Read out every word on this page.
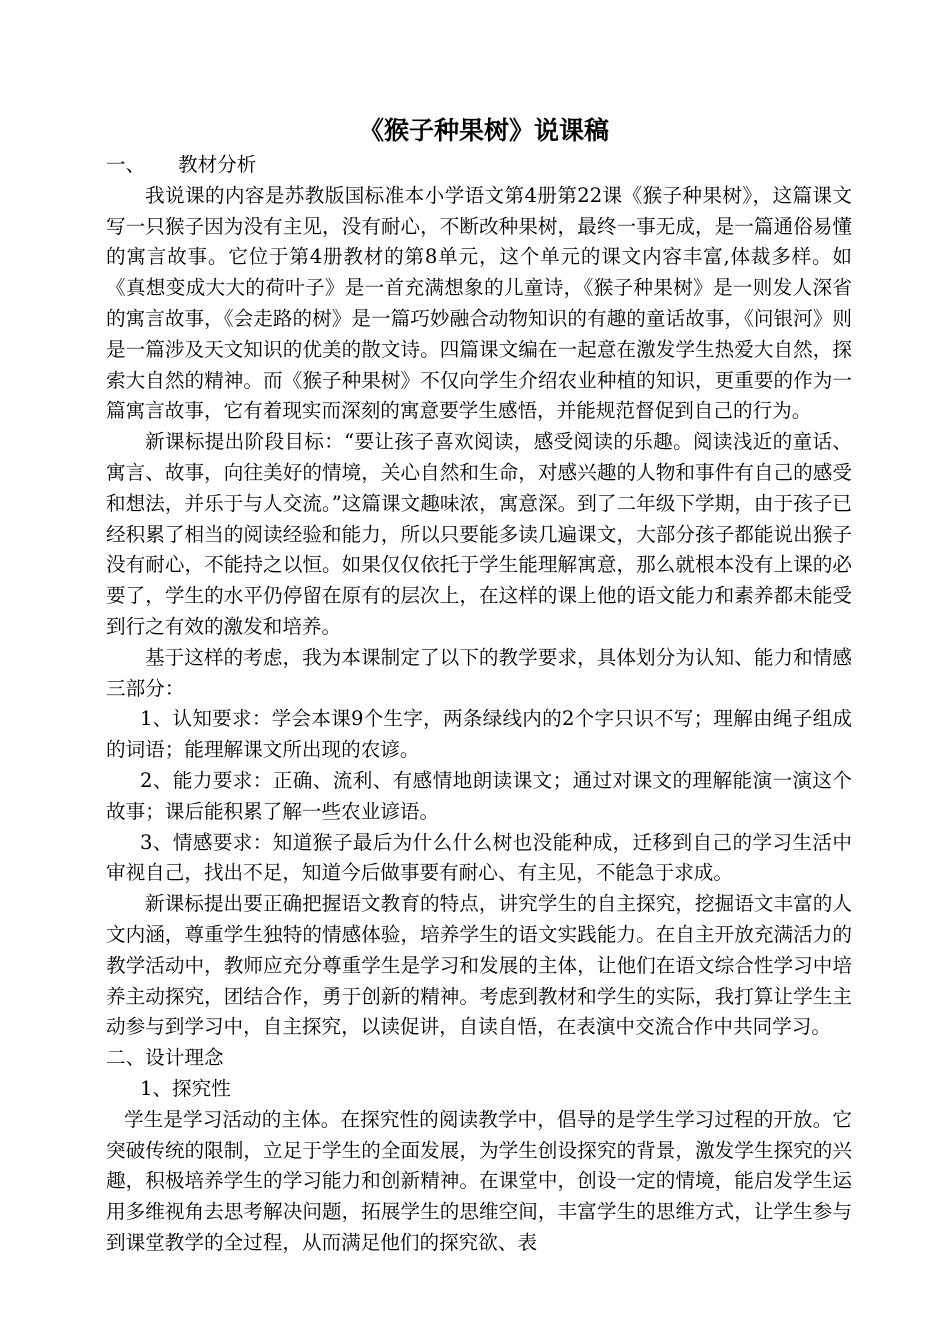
《猴子种果树》说课稿
一、	教材分析

我说课的内容是苏教版国标准本小学语文第4册第22课《猴子种果树》，这篇课文写一只猴子因为没有主见，没有耐心，不断改种果树，最终一事无成，是一篇通俗易懂的寓言故事。它位于第4册教材的第8单元，这个单元的课文内容丰富,体裁多样。如《真想变成大大的荷叶子》是一首充满想象的儿童诗，《猴子种果树》是一则发人深省的寓言故事，《会走路的树》是一篇巧妙融合动物知识的有趣的童话故事，《问银河》则是一篇涉及天文知识的优美的散文诗。四篇课文编在一起意在激发学生热爱大自然，探索大自然的精神。而《猴子种果树》不仅向学生介绍农业种植的知识，更重要的作为一篇寓言故事，它有着现实而深刻的寓意要学生感悟，并能规范督促到自己的行为。

新课标提出阶段目标：“要让孩子喜欢阅读，感受阅读的乐趣。阅读浅近的童话、寓言、故事，向往美好的情境，关心自然和生命，对感兴趣的人物和事件有自己的感受和想法，并乐于与人交流。”这篇课文趣味浓，寓意深。到了二年级下学期，由于孩子已经积累了相当的阅读经验和能力，所以只要能多读几遍课文，大部分孩子都能说出猴子没有耐心，不能持之以恒。如果仅仅依托于学生能理解寓意，那么就根本没有上课的必要了，学生的水平仍停留在原有的层次上，在这样的课上他的语文能力和素养都未能受到行之有效的激发和培养。

基于这样的考虑，我为本课制定了以下的教学要求，具体划分为认知、能力和情感三部分：

1、认知要求：学会本课9个生字，两条绿线内的2个字只识不写；理解由绳子组成的词语；能理解课文所出现的农谚。

2、能力要求：正确、流利、有感情地朗读课文；通过对课文的理解能演一演这个故事；课后能积累了解一些农业谚语。

3、情感要求：知道猴子最后为什么什么树也没能种成，迁移到自己的学习生活中审视自己，找出不足，知道今后做事要有耐心、有主见，不能急于求成。

新课标提出要正确把握语文教育的特点，讲究学生的自主探究，挖掘语文丰富的人文内涵，尊重学生独特的情感体验，培养学生的语文实践能力。在自主开放充满活力的教学活动中，教师应充分尊重学生是学习和发展的主体，让他们在语文综合性学习中培养主动探究，团结合作，勇于创新的精神。考虑到教材和学生的实际，我打算让学生主动参与到学习中，自主探究，以读促讲，自读自悟，在表演中交流合作中共同学习。

二、设计理念
1、探究性

学生是学习活动的主体。在探究性的阅读教学中，倡导的是学生学习过程的开放。它突破传统的限制，立足于学生的全面发展，为学生创设探究的背景，激发学生探究的兴趣，积极培养学生的学习能力和创新精神。在课堂中，创设一定的情境，能启发学生运用多维视角去思考解决问题，拓展学生的思维空间，丰富学生的思维方式，让学生参与到课堂教学的全过程，从而满足他们的探究欲、表
